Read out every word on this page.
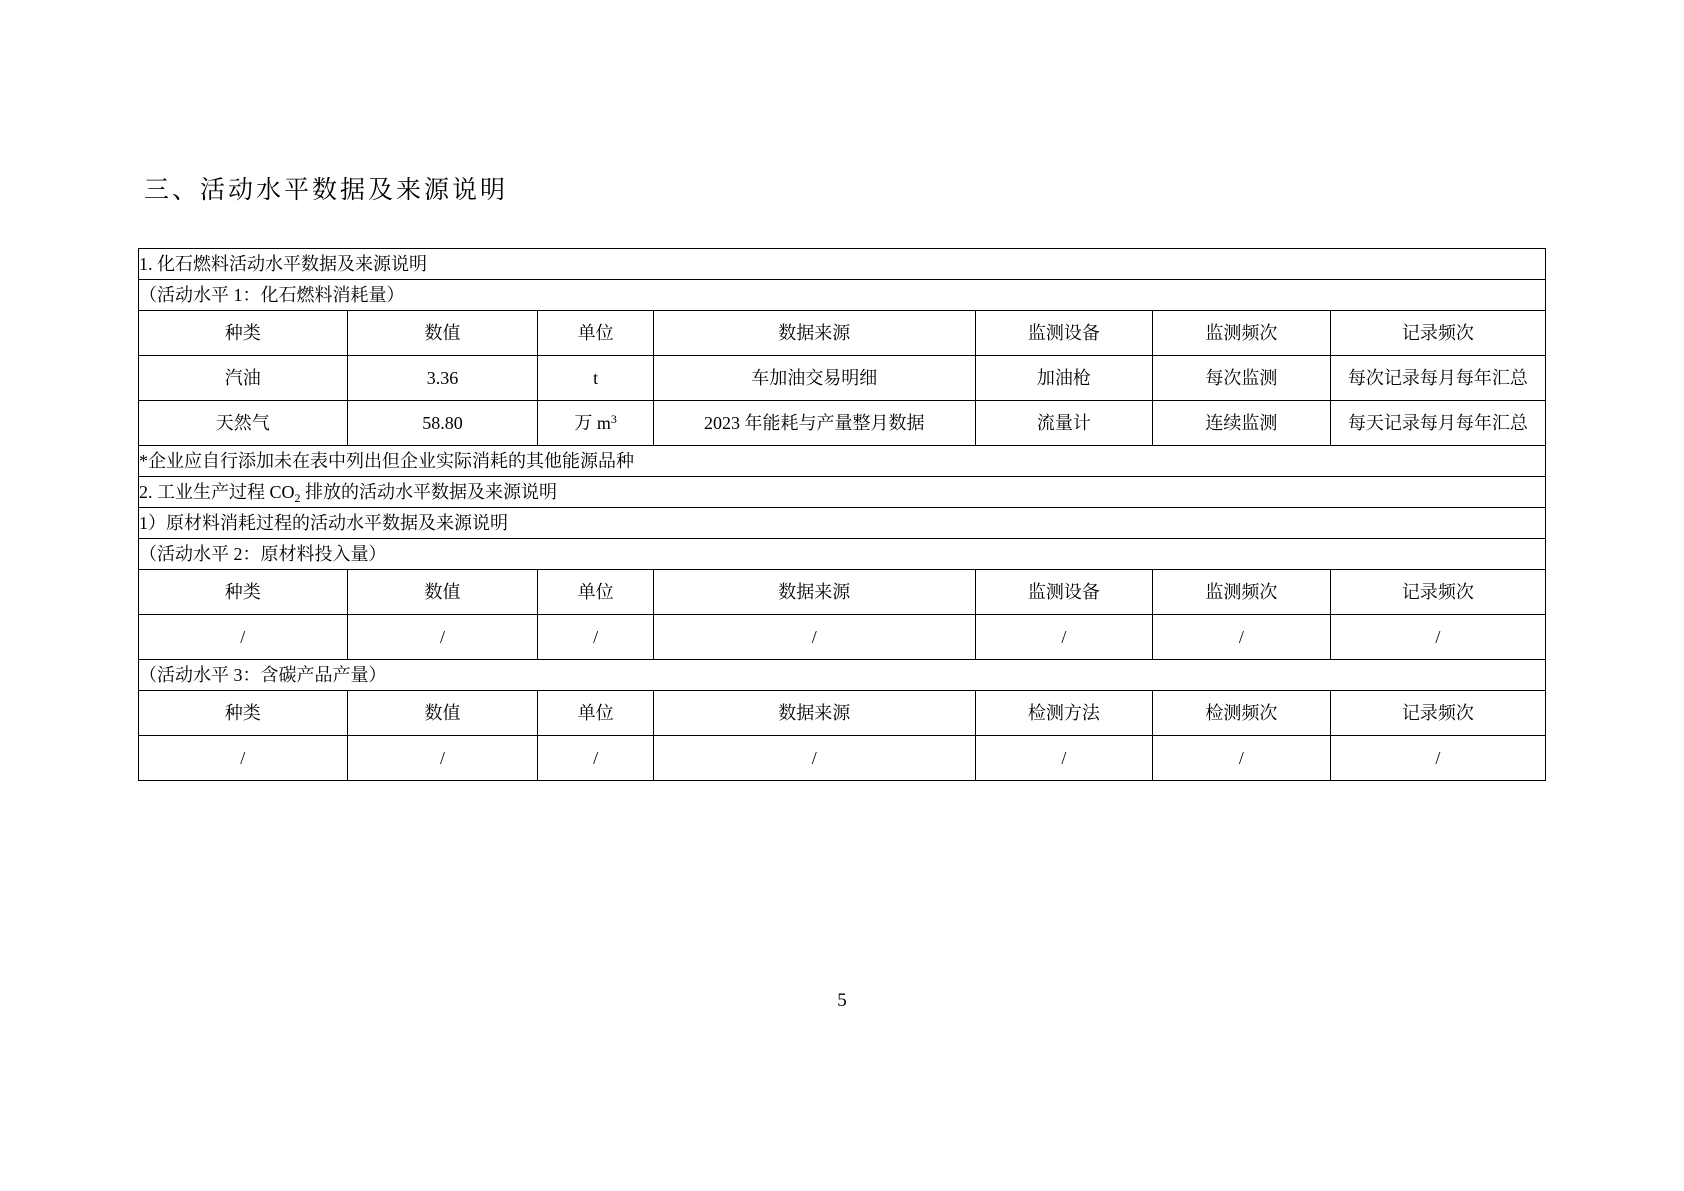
三、活动水平数据及来源说明
1. 化石燃料活动水平数据及来源说明						
（活动水平 1：化石燃料消耗量）						
种类	数值	单位	数据来源	监测设备	监测频次	记录频次
汽油	3.36	t	车加油交易明细	加油枪	每次监测	每次记录每月每年汇总
天然气	58.80	万 $m^3$	2023 年能耗与产量整月数据	流量计	连续监测	每天记录每月每年汇总
*企业应自行添加未在表中列出但企业实际消耗的其他能源品种						
2. 工业生产过程 $CO_2$ 排放的活动水平数据及来源说明						
1）原材料消耗过程的活动水平数据及来源说明						
（活动水平 2：原材料投入量）						
种类	数值	单位	数据来源	监测设备	监测频次	记录频次
/	/	/	/	/	/	/
（活动水平 3：含碳产品产量）						
种类	数值	单位	数据来源	检测方法	检测频次	记录频次
/	/	/	/	/	/	/
5
